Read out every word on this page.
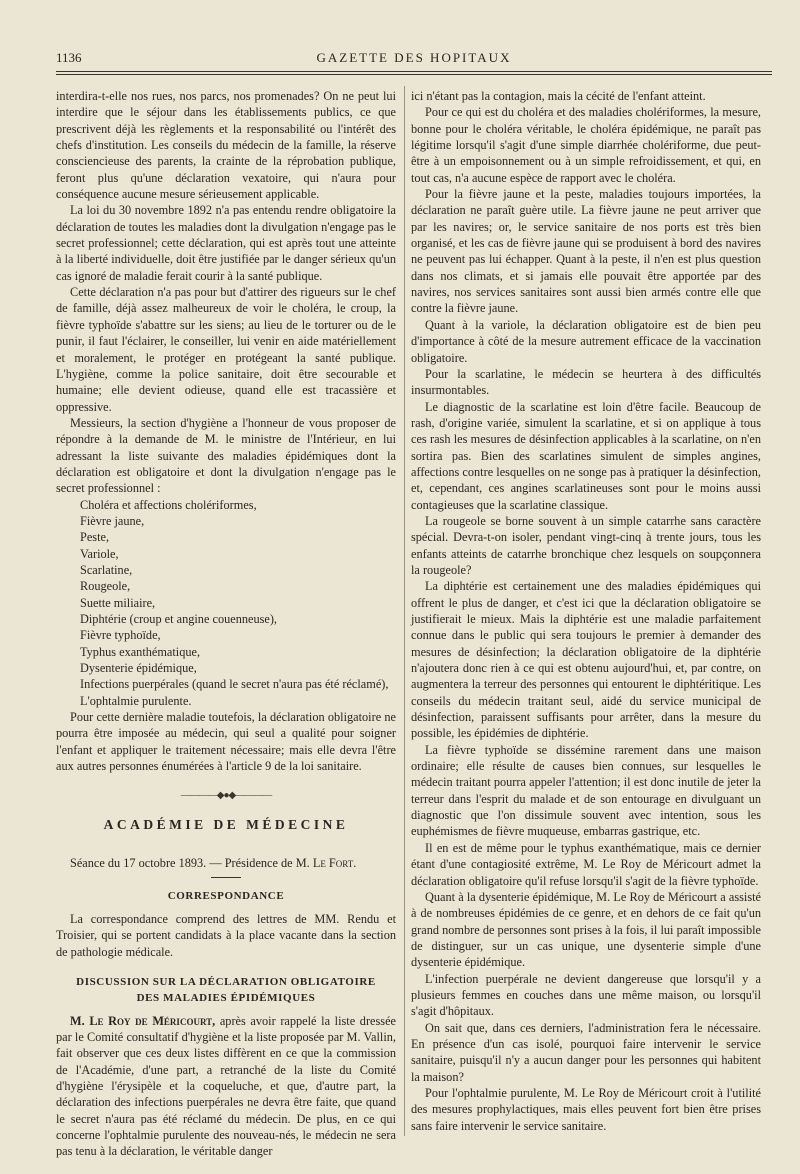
1136	GAZETTE DES HOPITAUX

interdira-t-elle nos rues, nos parcs, nos promenades? On ne peut lui interdire que le séjour dans les établissements publics, ce que prescrivent déjà les règlements et la responsabilité ou l'intérêt des chefs d'institution. Les conseils du médecin de la famille, la réserve consciencieuse des parents, la crainte de la réprobation publique, feront plus qu'une déclaration vexatoire, qui n'aura pour conséquence aucune mesure sérieusement applicable.

La loi du 30 novembre 1892 n'a pas entendu rendre obligatoire la déclaration de toutes les maladies dont la divulgation n'engage pas le secret professionnel; cette déclaration, qui est après tout une atteinte à la liberté individuelle, doit être justifiée par le danger sérieux qu'un cas ignoré de maladie ferait courir à la santé publique.

Cette déclaration n'a pas pour but d'attirer des rigueurs sur le chef de famille, déjà assez malheureux de voir le choléra, le croup, la fièvre typhoïde s'abattre sur les siens; au lieu de le torturer ou de le punir, il faut l'éclairer, le conseiller, lui venir en aide matériellement et moralement, le protéger en protégeant la santé publique. L'hygiène, comme la police sanitaire, doit être secourable et humaine; elle devient odieuse, quand elle est tracassière et oppressive.

Messieurs, la section d'hygiène a l'honneur de vous proposer de répondre à la demande de M. le ministre de l'Intérieur, en lui adressant la liste suivante des maladies épidémiques dont la déclaration est obligatoire et dont la divulgation n'engage pas le secret professionnel :

Choléra et affections cholériformes,
Fièvre jaune,
Peste,
Variole,
Scarlatine,
Rougeole,
Suette miliaire,
Diphtérie (croup et angine couenneuse),
Fièvre typhoïde,
Typhus exanthématique,
Dysenterie épidémique,
Infections puerpérales (quand le secret n'aura pas été réclamé),
L'ophtalmie purulente.

Pour cette dernière maladie toutefois, la déclaration obligatoire ne pourra être imposée au médecin, qui seul a qualité pour soigner l'enfant et appliquer le traitement nécessaire; mais elle devra l'être aux autres personnes énumérées à l'article 9 de la loi sanitaire.

――――◆●◆――――
ACADÉMIE DE MÉDECINE

Séance du 17 octobre 1893. — Présidence de M. Le Fort.

CORRESPONDANCE

La correspondance comprend des lettres de MM. Rendu et Troisier, qui se portent candidats à la place vacante dans la section de pathologie médicale.

DISCUSSION SUR LA DÉCLARATION OBLIGATOIRE
DES MALADIES ÉPIDÉMIQUES

M. Le Roy de Méricourt, après avoir rappelé la liste dressée par le Comité consultatif d'hygiène et la liste proposée par M. Vallin, fait observer que ces deux listes diffèrent en ce que la commission de l'Académie, d'une part, a retranché de la liste du Comité d'hygiène l'érysipèle et la coqueluche, et que, d'autre part, la déclaration des infections puerpérales ne devra être faite, que quand le secret n'aura pas été réclamé du médecin. De plus, en ce qui concerne l'ophtalmie purulente des nouveau-nés, le médecin ne sera pas tenu à la déclaration, le véritable danger

ici n'étant pas la contagion, mais la cécité de l'enfant atteint.

Pour ce qui est du choléra et des maladies cholériformes, la mesure, bonne pour le choléra véritable, le choléra épidémique, ne paraît pas légitime lorsqu'il s'agit d'une simple diarrhée cholériforme, due peut-être à un empoisonnement ou à un simple refroidissement, et qui, en tout cas, n'a aucune espèce de rapport avec le choléra.

Pour la fièvre jaune et la peste, maladies toujours importées, la déclaration ne paraît guère utile. La fièvre jaune ne peut arriver que par les navires; or, le service sanitaire de nos ports est très bien organisé, et les cas de fièvre jaune qui se produisent à bord des navires ne peuvent pas lui échapper. Quant à la peste, il n'en est plus question dans nos climats, et si jamais elle pouvait être apportée par des navires, nos services sanitaires sont aussi bien armés contre elle que contre la fièvre jaune.

Quant à la variole, la déclaration obligatoire est de bien peu d'importance à côté de la mesure autrement efficace de la vaccination obligatoire.

Pour la scarlatine, le médecin se heurtera à des difficultés insurmontables.

Le diagnostic de la scarlatine est loin d'être facile. Beaucoup de rash, d'origine variée, simulent la scarlatine, et si on applique à tous ces rash les mesures de désinfection applicables à la scarlatine, on n'en sortira pas. Bien des scarlatines simulent de simples angines, affections contre lesquelles on ne songe pas à pratiquer la désinfection, et, cependant, ces angines scarlatineuses sont pour le moins aussi contagieuses que la scarlatine classique.

La rougeole se borne souvent à un simple catarrhe sans caractère spécial. Devra-t-on isoler, pendant vingt-cinq à trente jours, tous les enfants atteints de catarrhe bronchique chez lesquels on soupçonnera la rougeole?

La diphtérie est certainement une des maladies épidémiques qui offrent le plus de danger, et c'est ici que la déclaration obligatoire se justifierait le mieux. Mais la diphtérie est une maladie parfaitement connue dans le public qui sera toujours le premier à demander des mesures de désinfection; la déclaration obligatoire de la diphtérie n'ajoutera donc rien à ce qui est obtenu aujourd'hui, et, par contre, on augmentera la terreur des personnes qui entourent le diphtéritique. Les conseils du médecin traitant seul, aidé du service municipal de désinfection, paraissent suffisants pour arrêter, dans la mesure du possible, les épidémies de diphtérie.

La fièvre typhoïde se dissémine rarement dans une maison ordinaire; elle résulte de causes bien connues, sur lesquelles le médecin traitant pourra appeler l'attention; il est donc inutile de jeter la terreur dans l'esprit du malade et de son entourage en divulguant un diagnostic que l'on dissimule souvent avec intention, sous les euphémismes de fièvre muqueuse, embarras gastrique, etc.

Il en est de même pour le typhus exanthématique, mais ce dernier étant d'une contagiosité extrême, M. Le Roy de Méricourt admet la déclaration obligatoire qu'il refuse lorsqu'il s'agit de la fièvre typhoïde.

Quant à la dysenterie épidémique, M. Le Roy de Méricourt a assisté à de nombreuses épidémies de ce genre, et en dehors de ce fait qu'un grand nombre de personnes sont prises à la fois, il lui paraît impossible de distinguer, sur un cas unique, une dysenterie simple d'une dysenterie épidémique.

L'infection puerpérale ne devient dangereuse que lorsqu'il y a plusieurs femmes en couches dans une même maison, ou lorsqu'il s'agit d'hôpitaux.

On sait que, dans ces derniers, l'administration fera le nécessaire. En présence d'un cas isolé, pourquoi faire intervenir le service sanitaire, puisqu'il n'y a aucun danger pour les personnes qui habitent la maison?

Pour l'ophtalmie purulente, M. Le Roy de Méricourt croit à l'utilité des mesures prophylactiques, mais elles peuvent fort bien être prises sans faire intervenir le service sanitaire.
